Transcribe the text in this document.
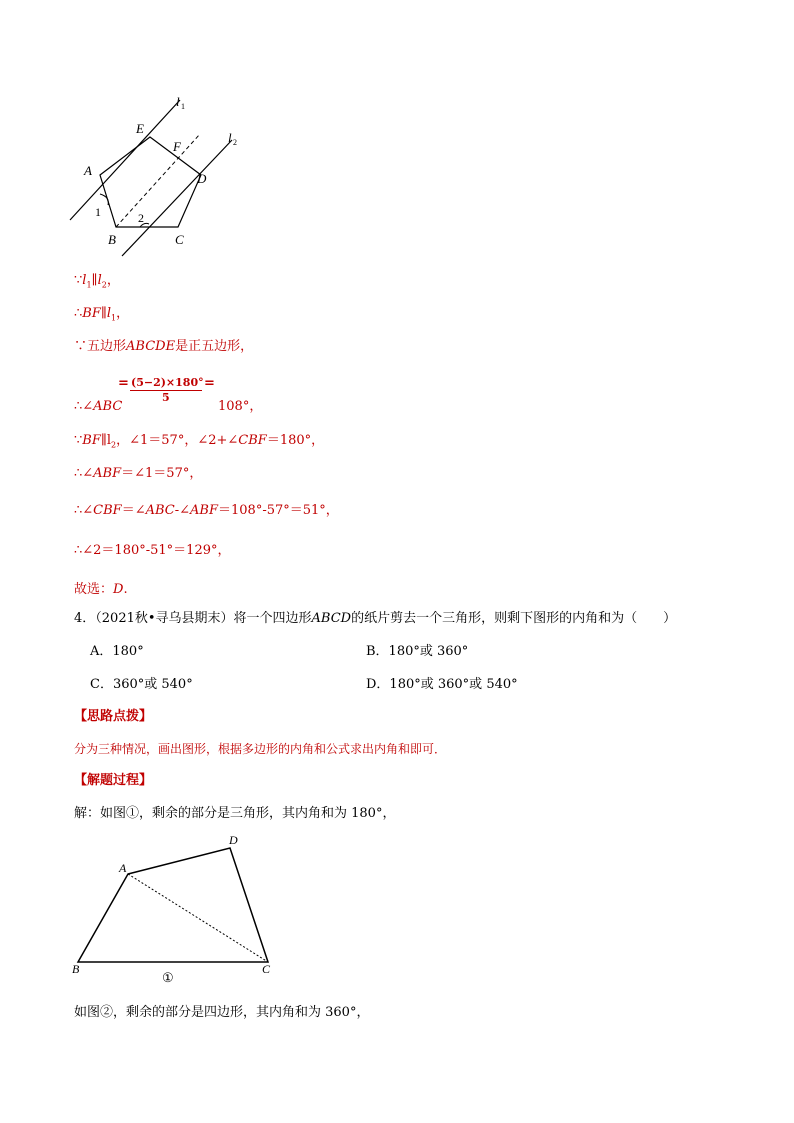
l 1
l 2
E
F
A
D
B	C
1	2
$\because l_1\parallel l_2$，
$\therefore BF\parallel l_1$，
∵五边形ABCDE是正五边形，
∴∠ABC
= (5−2)×180°
5
=
108°，
$\because BF\parallel l_2$，∠1＝57°，∠2+∠CBF＝180°，
∴∠ABF＝∠1＝57°，
∴∠CBF＝∠ABC-∠ABF＝108°-57°＝51°，
∴∠2＝180°-51°＝129°，
故选：D.
4．（2021秋•寻乌县期末）将一个四边形ABCD的纸片剪去一个三角形，则剩下图形的内角和为（　　）
A．180°	B．180°或 360°
C．360°或 540°	D．180°或 360°或 540°
【思路点拨】
分为三种情况，画出图形，根据多边形的内角和公式求出内角和即可．
【解题过程】
解：如图①，剩余的部分是三角形，其内角和为 180°，
A
D
B	C
①
如图②，剩余的部分是四边形，其内角和为 360°，
